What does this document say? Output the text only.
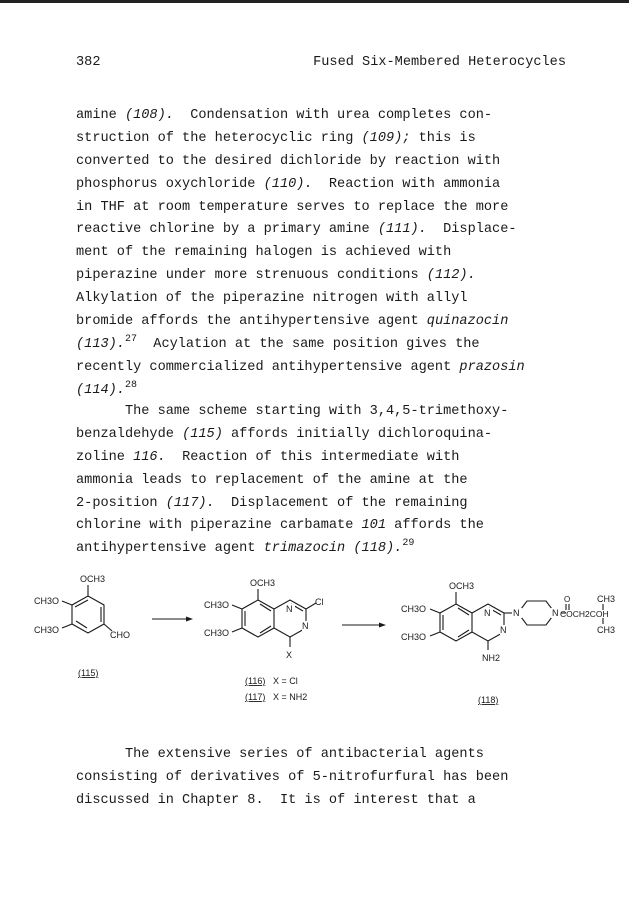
382	Fused Six-Membered Heterocycles
amine (108).  Condensation with urea completes con-
struction of the heterocyclic ring (109); this is
converted to the desired dichloride by reaction with
phosphorus oxychloride (110).  Reaction with ammonia
in THF at room temperature serves to replace the more
reactive chlorine by a primary amine (111).  Displace-
ment of the remaining halogen is achieved with
piperazine under more strenuous conditions (112).
Alkylation of the piperazine nitrogen with allyl
bromide affords the antihypertensive agent quinazocin
(113).$^{27}$  Acylation at the same position gives the
recently commercialized antihypertensive agent prazosin
(114).$^{28}$
The same scheme starting with 3,4,5-trimethoxy-
benzaldehyde (115) affords initially dichloroquina-
zoline 116.  Reaction of this intermediate with
ammonia leads to replacement of the amine at the
2-position (117).  Displacement of the remaining
chlorine with piperazine carbamate 101 affords the
antihypertensive agent trimazocin (118).$^{29}$
The extensive series of antibacterial agents
consisting of derivatives of 5-nitrofurfural has been
discussed in Chapter 8.  It is of interest that a
OCH3
CH3O
CH3O	CHO
(115)
OCH3
CH3O
CH3O
N
N
Cl
X
(116) X = Cl
(117) X = NH2
OCH3
CH3O
CH3O
N
N
N	N
O
COCH2COH
CH3
CH3
NH2
(118)
